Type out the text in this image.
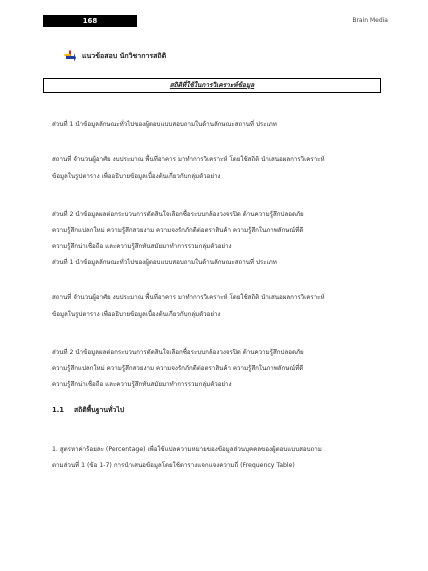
168	Brain Media
แนวข้อสอบ นักวิชาการสถิติ
สถิติที่ใช้ในการวิเคราะห์ข้อมูล
ส่วนที่ 1 นำข้อมูลลักษณะทั่วไปของผู้ตอบแบบสอบถามในด้านลักษณะสถานที่ ประเภท
สถานที่ จำนวนผู้อาศัย งบประมาณ พื้นที่อาคาร มาทำการวิเคราะห์ โดยใช้สถิติ นำเสนอผลการวิเคราะห์
ข้อมูลในรูปตาราง เพื่ออธิบายข้อมูลเบื้องต้นเกี่ยวกับกลุ่มตัวอย่าง
ส่วนที่ 2 นำข้อมูลผลต่อกระบวนการตัดสินใจเลือกซื้อระบบกล้องวงจรปิด ด้านความรู้สึกปลอดภัย
ความรู้สึกแปลกใหม่ ความรู้สึกสวยงาม ความจงรักภักดีต่อตราสินค้า ความรู้สึกในภาพลักษณ์ที่ดี
ความรู้สึกน่าเชื่อถือ และความรู้สึกทันสมัยมาทำการรวมกลุ่มตัวอย่าง
ส่วนที่ 1 นำข้อมูลลักษณะทั่วไปของผู้ตอบแบบสอบถามในด้านลักษณะสถานที่ ประเภท
สถานที่ จำนวนผู้อาศัย งบประมาณ พื้นที่อาคาร มาทำการวิเคราะห์ โดยใช้สถิติ นำเสนอผลการวิเคราะห์
ข้อมูลในรูปตาราง เพื่ออธิบายข้อมูลเบื้องต้นเกี่ยวกับกลุ่มตัวอย่าง
ส่วนที่ 2 นำข้อมูลผลต่อกระบวนการตัดสินใจเลือกซื้อระบบกล้องวงจรปิด ด้านความรู้สึกปลอดภัย
ความรู้สึกแปลกใหม่ ความรู้สึกสวยงาม ความจงรักภักดีต่อตราสินค้า ความรู้สึกในภาพลักษณ์ที่ดี
ความรู้สึกน่าเชื่อถือ และความรู้สึกทันสมัยมาทำการรวมกลุ่มตัวอย่าง
1.1 สถิติพื้นฐานทั่วไป
1. สูตรหาค่าร้อยละ (Percentage) เพื่อใช้แปลความหมายของข้อมูลส่วนบุคคลของผู้ตอบแบบสอบถาม
ตามส่วนที่ 1 (ข้อ 1-7) การนำเสนอข้อมูลโดยใช้ตารางแจกแจงความถี่ (Frequency Table)
